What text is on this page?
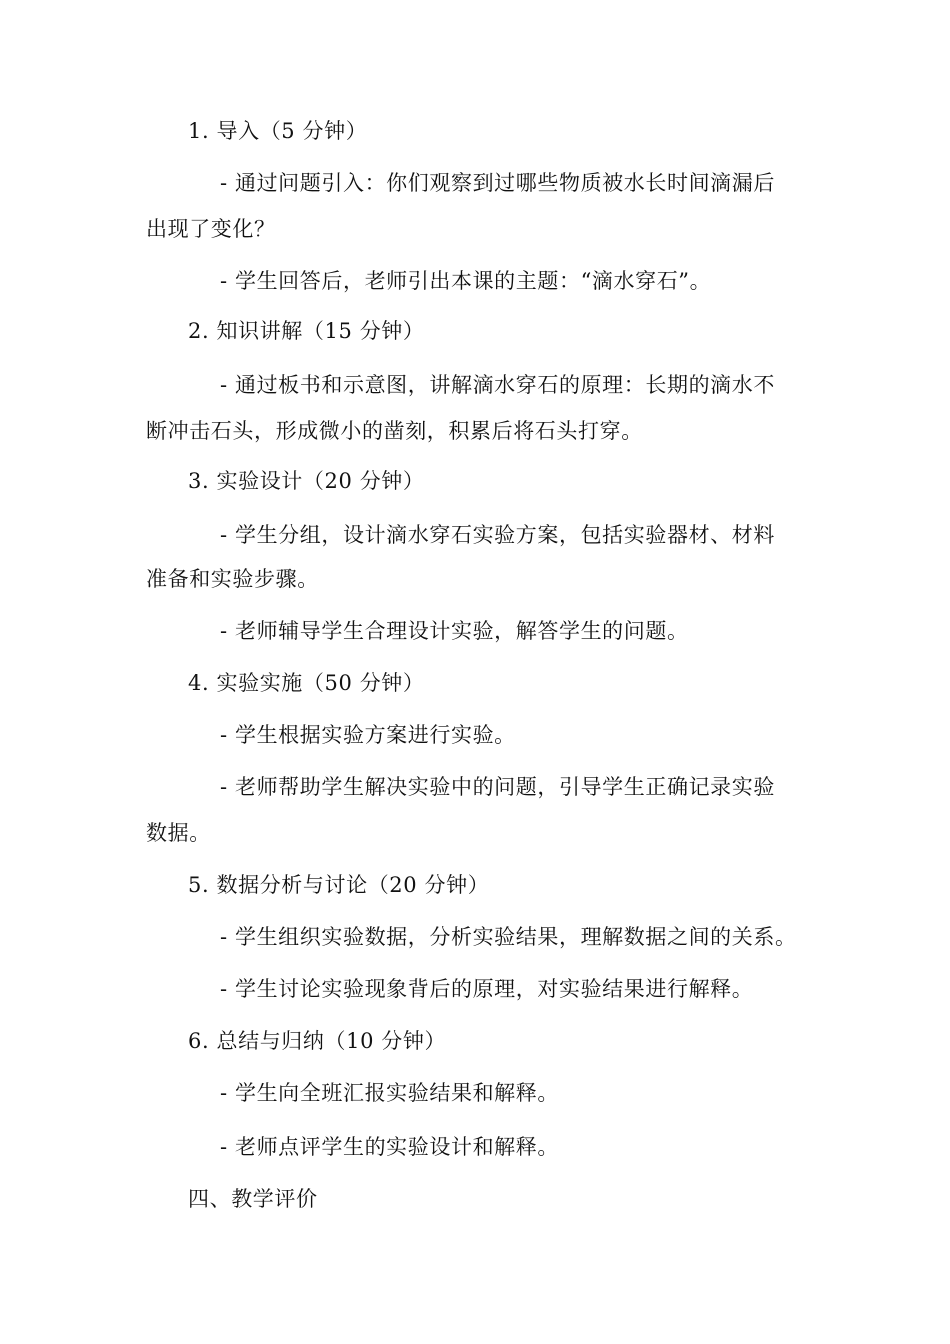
1. 导入（5 分钟）
- 通过问题引入：你们观察到过哪些物质被水长时间滴漏后
出现了变化？
- 学生回答后，老师引出本课的主题：“滴水穿石”。
2. 知识讲解（15 分钟）
- 通过板书和示意图，讲解滴水穿石的原理：长期的滴水不
断冲击石头，形成微小的凿刻，积累后将石头打穿。
3. 实验设计（20 分钟）
- 学生分组，设计滴水穿石实验方案，包括实验器材、材料
准备和实验步骤。
- 老师辅导学生合理设计实验，解答学生的问题。
4. 实验实施（50 分钟）
- 学生根据实验方案进行实验。
- 老师帮助学生解决实验中的问题，引导学生正确记录实验
数据。
5. 数据分析与讨论（20 分钟）
- 学生组织实验数据，分析实验结果，理解数据之间的关系。
- 学生讨论实验现象背后的原理，对实验结果进行解释。
6. 总结与归纳（10 分钟）
- 学生向全班汇报实验结果和解释。
- 老师点评学生的实验设计和解释。
四、教学评价
